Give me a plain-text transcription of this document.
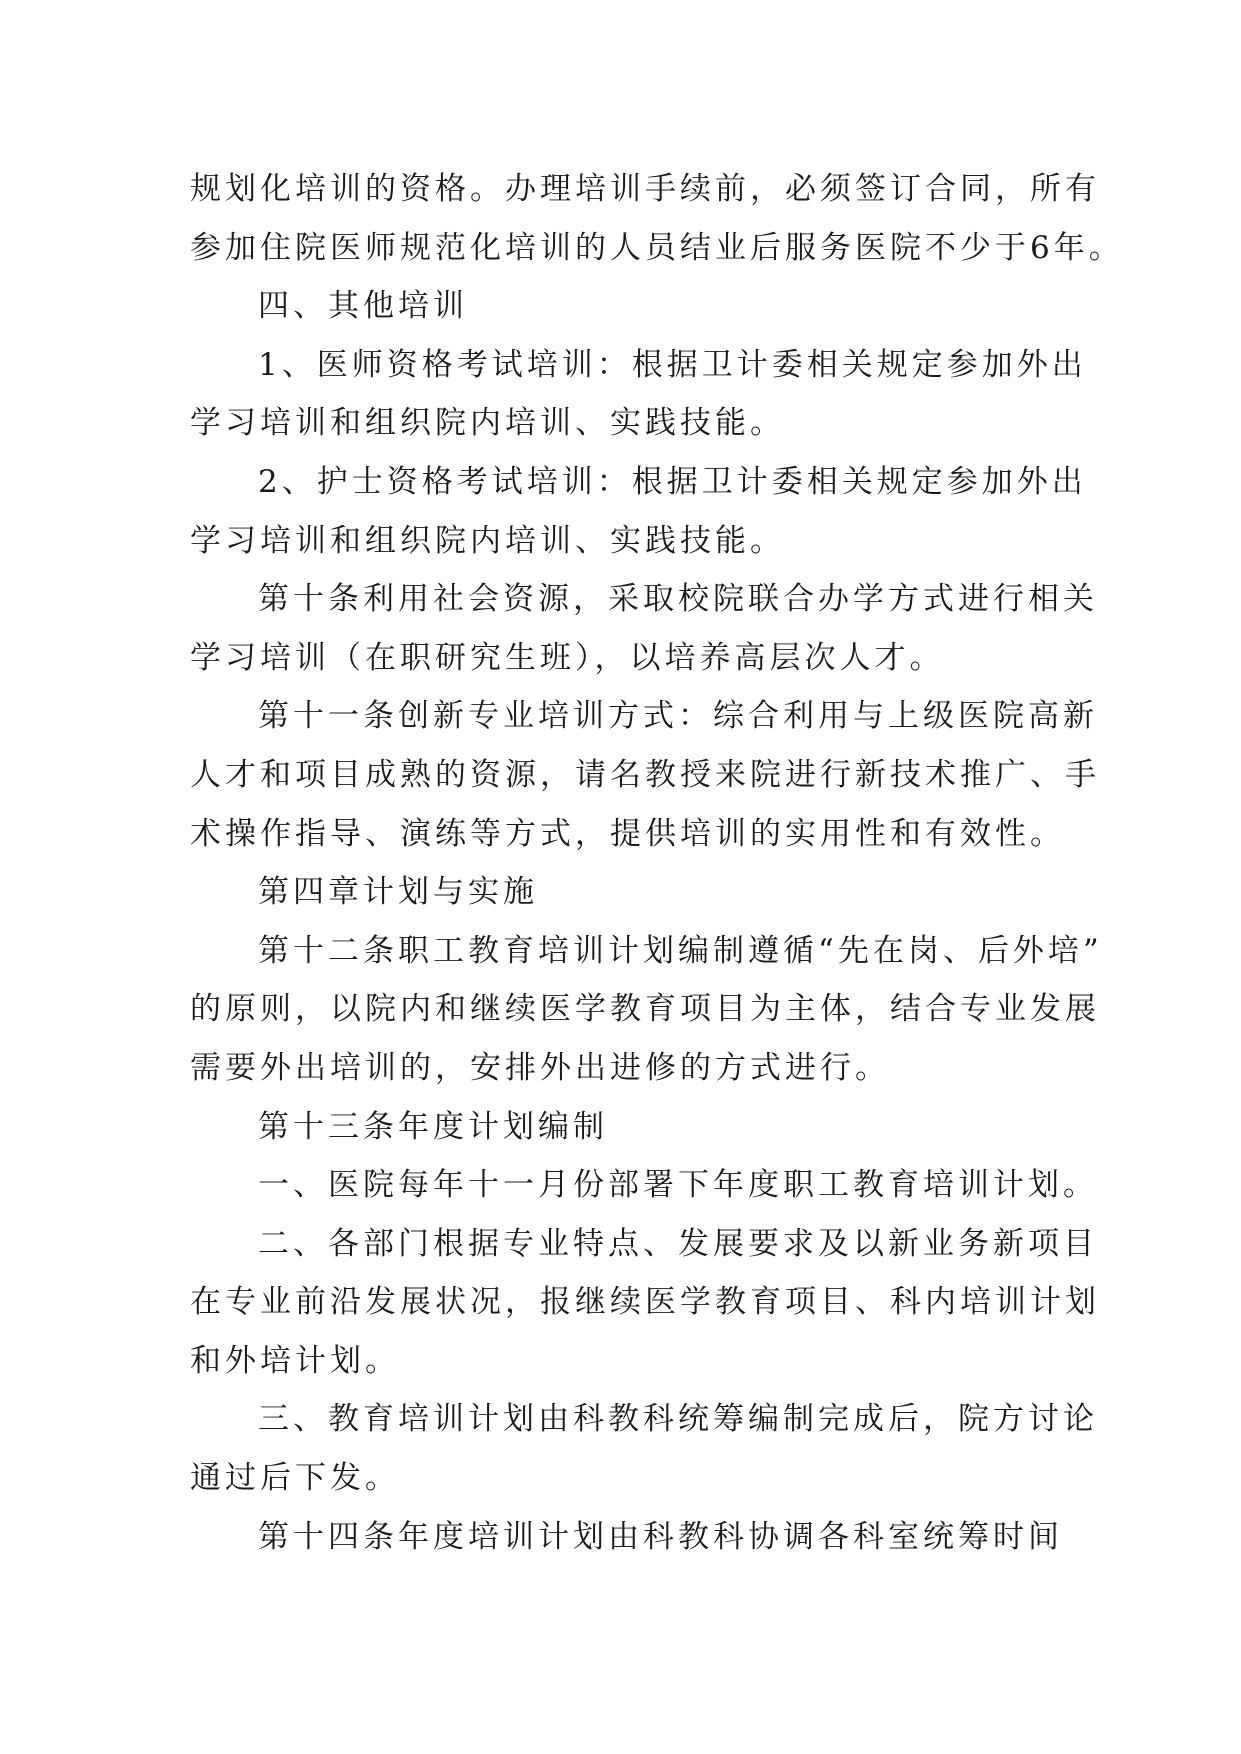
规划化培训的资格。办理培训手续前，必须签订合同，所有
参加住院医师规范化培训的人员结业后服务医院不少于6年。
四、其他培训
1、医师资格考试培训：根据卫计委相关规定参加外出
学习培训和组织院内培训、实践技能。
2、护士资格考试培训：根据卫计委相关规定参加外出
学习培训和组织院内培训、实践技能。
第十条利用社会资源，采取校院联合办学方式进行相关
学习培训（在职研究生班），以培养高层次人才。
第十一条创新专业培训方式：综合利用与上级医院高新
人才和项目成熟的资源，请名教授来院进行新技术推广、手
术操作指导、演练等方式，提供培训的实用性和有效性。
第四章计划与实施
第十二条职工教育培训计划编制遵循“先在岗、后外培”
的原则，以院内和继续医学教育项目为主体，结合专业发展
需要外出培训的，安排外出进修的方式进行。
第十三条年度计划编制
一、医院每年十一月份部署下年度职工教育培训计划。
二、各部门根据专业特点、发展要求及以新业务新项目
在专业前沿发展状况，报继续医学教育项目、科内培训计划
和外培计划。
三、教育培训计划由科教科统筹编制完成后，院方讨论
通过后下发。
第十四条年度培训计划由科教科协调各科室统筹时间
